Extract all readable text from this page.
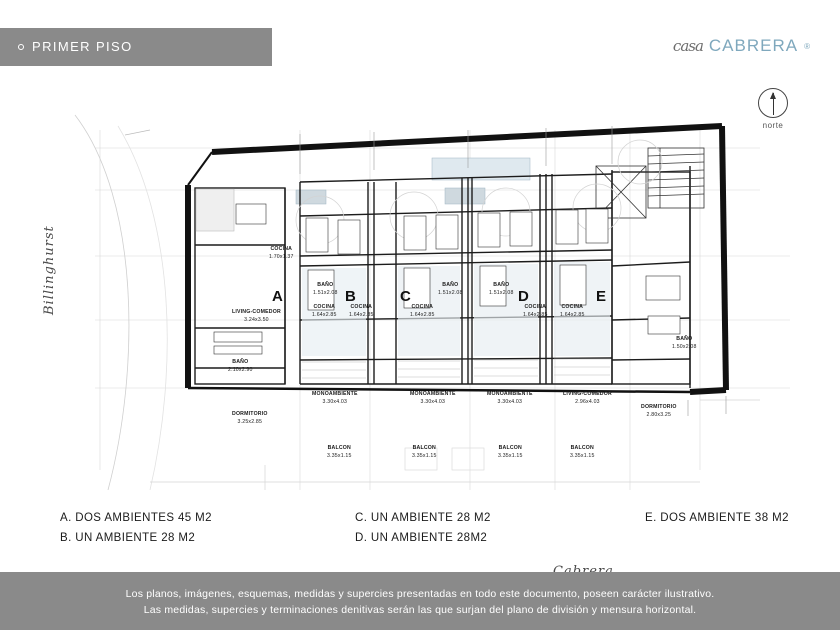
PRIMER PISO	casa CABRERA ®
norte
Billinghurst	A	B	C	D	E
COCINA
1.70x1.37
LIVING-COMEDOR
3.24x3.50
BAÑO
2.10x2.90
DORMITORIO
3.25x2.85
BAÑO
1.51x2.08
COCINA
1.64x2.85
COCINA
1.64x2.85
MONOAMBIENTE
3.30x4.03
BALCON
3.35x1.15
BAÑO
1.51x2.08
BAÑO
1.51x2.08
COCINA
1.64x2.85
MONOAMBIENTE
3.30x4.03
BALCON
3.35x1.15
COCINA
1.64x2.85
COCINA
1.64x2.85
MONOAMBIENTE
3.30x4.03
BALCON
3.35x1.15
BALCON
3.35x1.15
LIVING-COMEDOR
2.96x4.03
BAÑO
1.50x2.08
DORMITORIO
2.80x3.25
A. DOS AMBIENTES 45 M2
B. UN AMBIENTE 28 M2
C. UN AMBIENTE 28 M2
D. UN AMBIENTE 28M2
E. DOS AMBIENTE 38 M2

Los planos, imágenes, esquemas, medidas y supercies presentadas en todo este documento, poseen carácter ilustrativo.

Las medidas, supercies y terminaciones denitivas serán las que surjan del plano de división y mensura horizontal.
